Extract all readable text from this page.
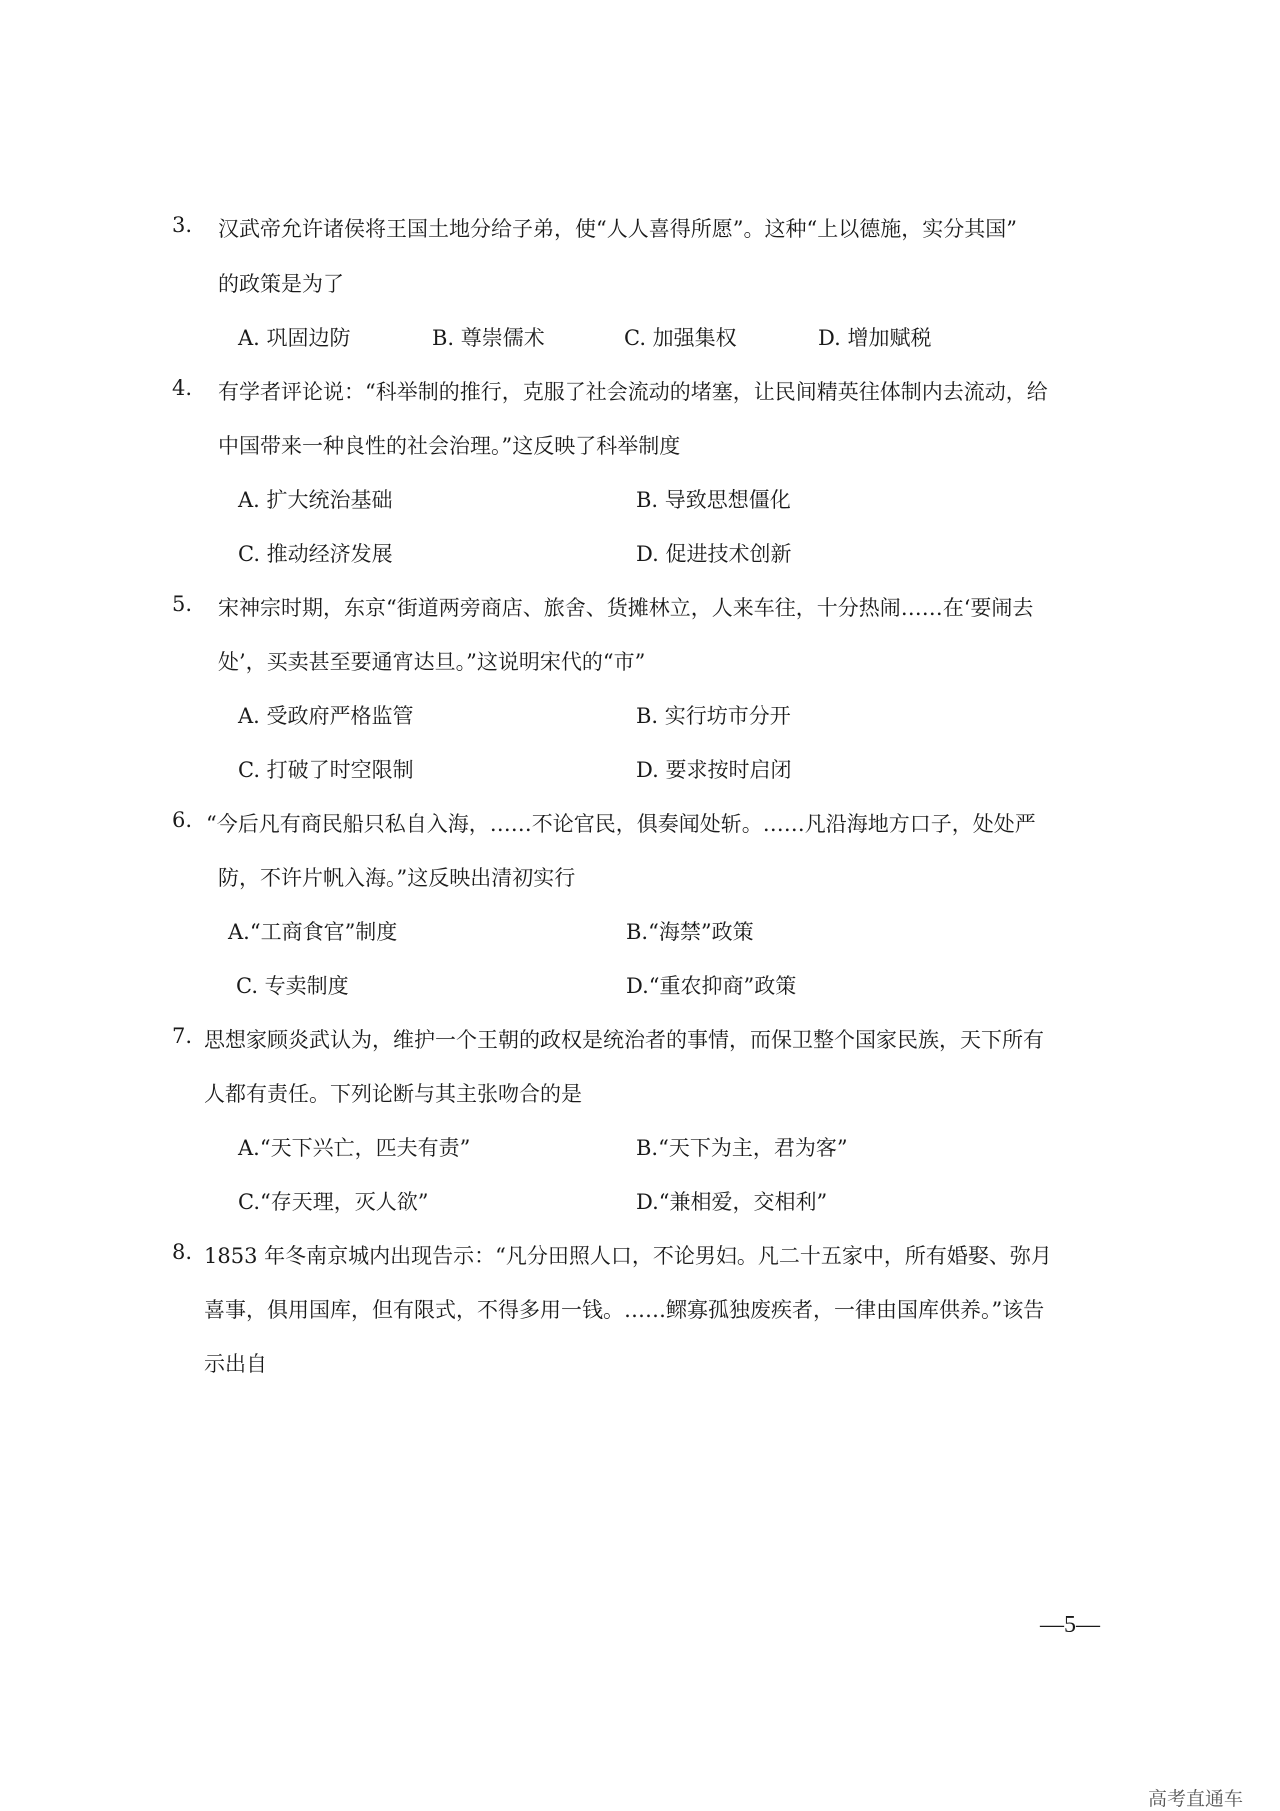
3. 汉武帝允许诸侯将王国土地分给子弟，使“人人喜得所愿”。这种“上以德施，实分其国”
的政策是为了
A. 巩固边防	B. 尊崇儒术	C. 加强集权	D. 增加赋税
4. 有学者评论说：“科举制的推行，克服了社会流动的堵塞，让民间精英往体制内去流动，给
中国带来一种良性的社会治理。”这反映了科举制度
A. 扩大统治基础	B. 导致思想僵化
C. 推动经济发展	D. 促进技术创新
5. 宋神宗时期，东京“街道两旁商店、旅舍、货摊林立，人来车往，十分热闹……在‘要闹去
处’，买卖甚至要通宵达旦。”这说明宋代的“市”
A. 受政府严格监管	B. 实行坊市分开
C. 打破了时空限制	D. 要求按时启闭
6. “今后凡有商民船只私自入海，……不论官民，俱奏闻处斩。……凡沿海地方口子，处处严
防，不许片帆入海。”这反映出清初实行
A.“工商食官”制度	B.“海禁”政策
C. 专卖制度	D.“重农抑商”政策
7. 思想家顾炎武认为，维护一个王朝的政权是统治者的事情，而保卫整个国家民族，天下所有
人都有责任。下列论断与其主张吻合的是
A.“天下兴亡，匹夫有责”	B.“天下为主，君为客”
C.“存天理，灭人欲”	D.“兼相爱，交相利”
8. 1853 年冬南京城内出现告示：“凡分田照人口，不论男妇。凡二十五家中，所有婚娶、弥月
喜事，俱用国库，但有限式，不得多用一钱。……鳏寡孤独废疾者，一律由国库供养。”该告
示出自
—5—
高考直通车
